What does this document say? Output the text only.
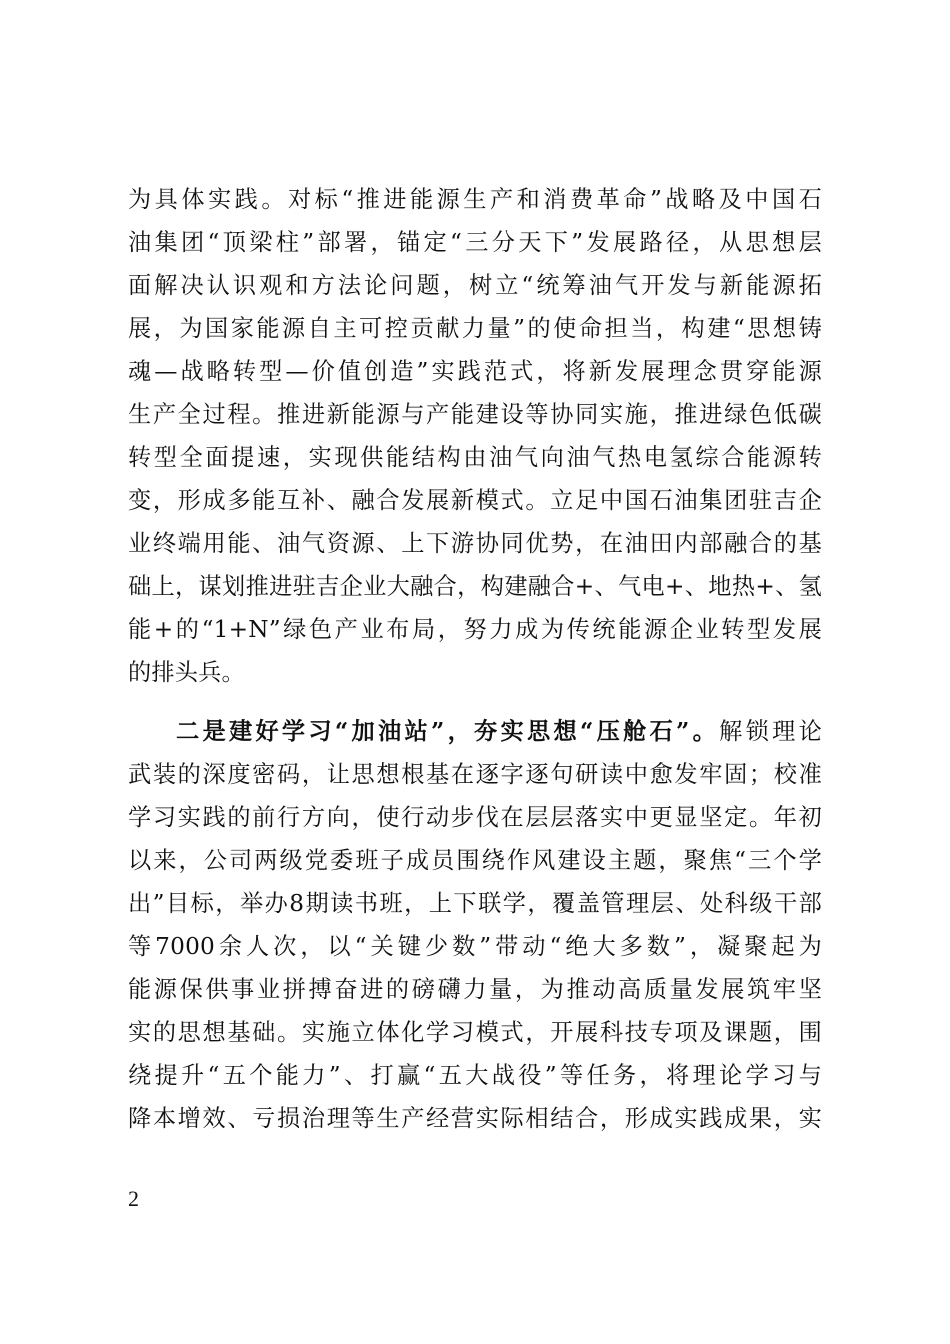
为具体实践。对标“推进能源生产和消费革命”战略及中国石
油集团“顶梁柱”部署，锚定“三分天下”发展路径，从思想层
面解决认识观和方法论问题，树立“统筹油气开发与新能源拓
展，为国家能源自主可控贡献力量”的使命担当，构建“思想铸
魂—战略转型—价值创造”实践范式，将新发展理念贯穿能源
生产全过程。推进新能源与产能建设等协同实施，推进绿色低碳
转型全面提速，实现供能结构由油气向油气热电氢综合能源转
变，形成多能互补、融合发展新模式。立足中国石油集团驻吉企
业终端用能、油气资源、上下游协同优势，在油田内部融合的基
础上，谋划推进驻吉企业大融合，构建融合+、气电+、地热+、氢
能+的“1+N”绿色产业布局，努力成为传统能源企业转型发展
的排头兵。
二是建好学习“加油站”，夯实思想“压舱石”。解锁理论
武装的深度密码，让思想根基在逐字逐句研读中愈发牢固；校准
学习实践的前行方向，使行动步伐在层层落实中更显坚定。年初
以来，公司两级党委班子成员围绕作风建设主题，聚焦“三个学
出”目标，举办8期读书班，上下联学，覆盖管理层、处科级干部
等7000余人次，以“关键少数”带动“绝大多数”，凝聚起为
能源保供事业拼搏奋进的磅礴力量，为推动高质量发展筑牢坚
实的思想基础。实施立体化学习模式，开展科技专项及课题，围
绕提升“五个能力”、打赢“五大战役”等任务，将理论学习与
降本增效、亏损治理等生产经营实际相结合，形成实践成果，实
2
